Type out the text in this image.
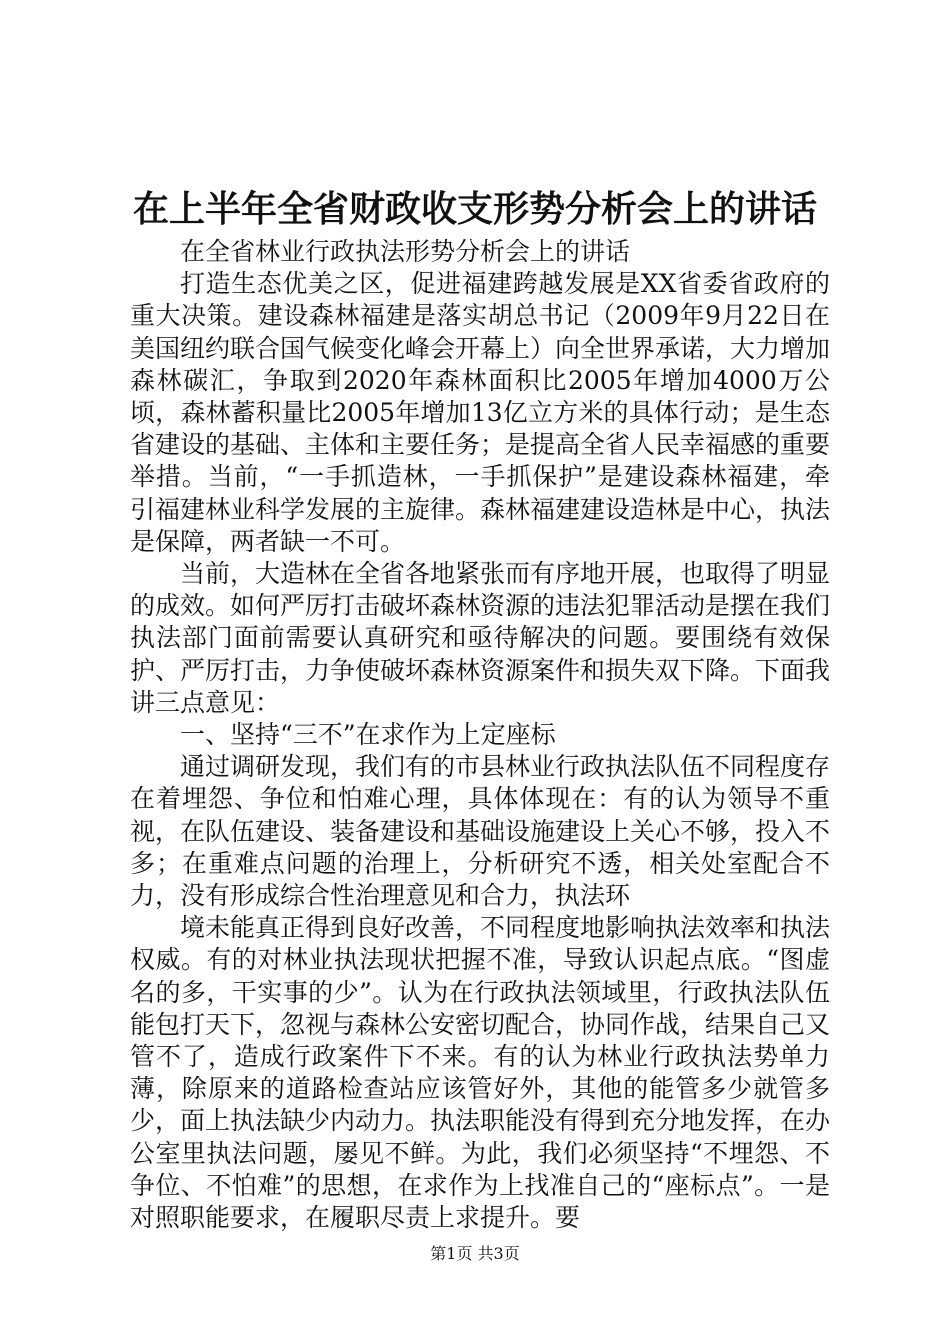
在上半年全省财政收支形势分析会上的讲话

在全省林业行政执法形势分析会上的讲话

打造生态优美之区，促进福建跨越发展是XX省委省政府的重大决策。建设森林福建是落实胡总书记（2009年9月22日在美国纽约联合国气候变化峰会开幕上）向全世界承诺，大力增加森林碳汇，争取到2020年森林面积比2005年增加4000万公顷，森林蓄积量比2005年增加13亿立方米的具体行动；是生态省建设的基础、主体和主要任务；是提高全省人民幸福感的重要举措。当前，“一手抓造林，一手抓保护”是建设森林福建，牵引福建林业科学发展的主旋律。森林福建建设造林是中心，执法是保障，两者缺一不可。

当前，大造林在全省各地紧张而有序地开展，也取得了明显的成效。如何严厉打击破坏森林资源的违法犯罪活动是摆在我们执法部门面前需要认真研究和亟待解决的问题。要围绕有效保护、严厉打击，力争使破坏森林资源案件和损失双下降。下面我讲三点意见：

一、坚持“三不”在求作为上定座标

通过调研发现，我们有的市县林业行政执法队伍不同程度存在着埋怨、争位和怕难心理，具体体现在：有的认为领导不重视，在队伍建设、装备建设和基础设施建设上关心不够，投入不多；在重难点问题的治理上，分析研究不透，相关处室配合不力，没有形成综合性治理意见和合力，执法环

境未能真正得到良好改善，不同程度地影响执法效率和执法权威。有的对林业执法现状把握不准，导致认识起点底。“图虚名的多，干实事的少”。认为在行政执法领域里，行政执法队伍能包打天下，忽视与森林公安密切配合，协同作战，结果自己又管不了，造成行政案件下不来。有的认为林业行政执法势单力薄，除原来的道路检查站应该管好外，其他的能管多少就管多少，面上执法缺少内动力。执法职能没有得到充分地发挥，在办公室里执法问题，屡见不鲜。为此，我们必须坚持“不埋怨、不争位、不怕难”的思想，在求作为上找准自己的“座标点”。一是对照职能要求，在履职尽责上求提升。要

第1页 共3页
